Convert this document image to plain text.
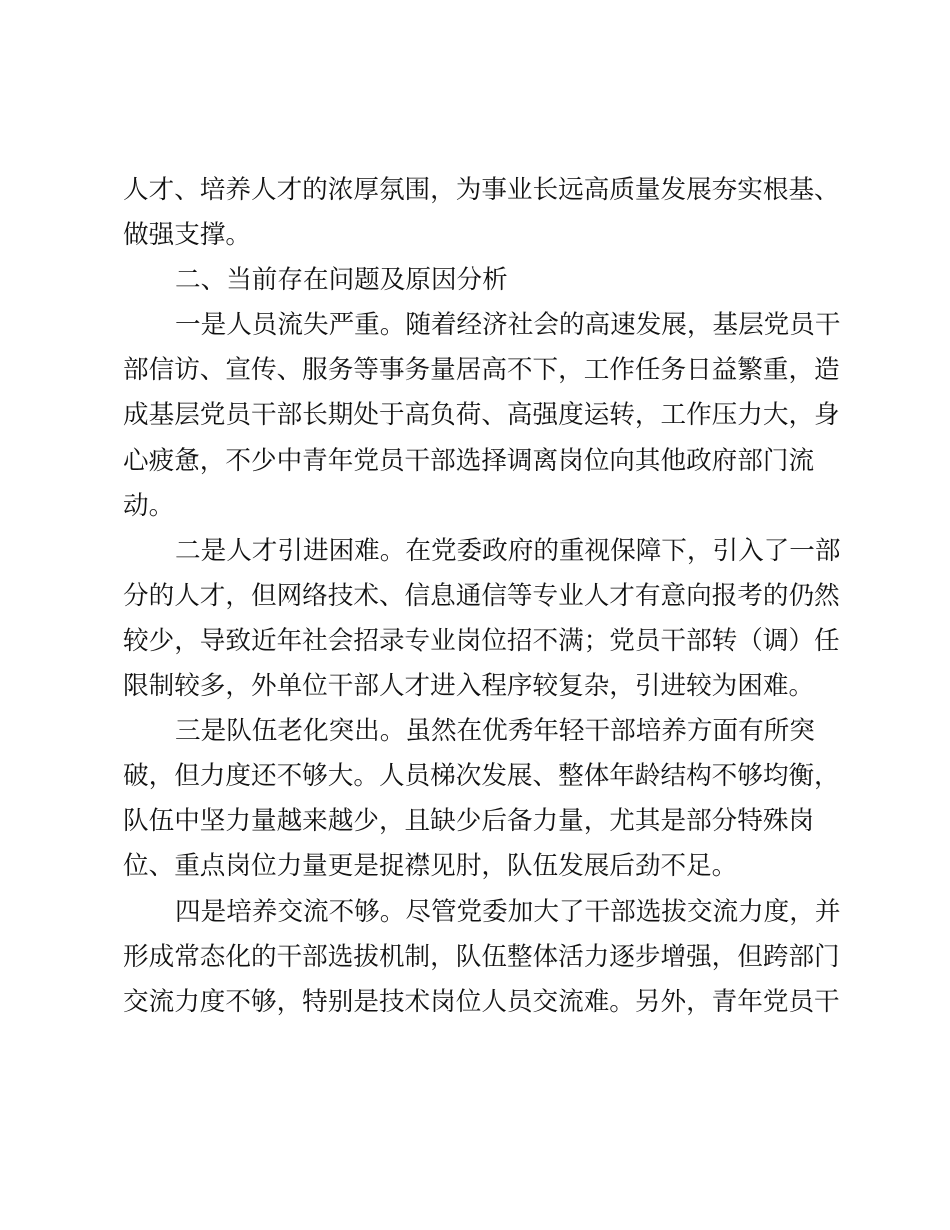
人才、培养人才的浓厚氛围，为事业长远高质量发展夯实根基、
做强支撑。
二、当前存在问题及原因分析
一是人员流失严重。随着经济社会的高速发展，基层党员干
部信访、宣传、服务等事务量居高不下，工作任务日益繁重，造
成基层党员干部长期处于高负荷、高强度运转，工作压力大，身
心疲惫，不少中青年党员干部选择调离岗位向其他政府部门流
动。
二是人才引进困难。在党委政府的重视保障下，引入了一部
分的人才，但网络技术、信息通信等专业人才有意向报考的仍然
较少，导致近年社会招录专业岗位招不满；党员干部转（调）任
限制较多，外单位干部人才进入程序较复杂，引进较为困难。
三是队伍老化突出。虽然在优秀年轻干部培养方面有所突
破，但力度还不够大。人员梯次发展、整体年龄结构不够均衡，
队伍中坚力量越来越少，且缺少后备力量，尤其是部分特殊岗
位、重点岗位力量更是捉襟见肘，队伍发展后劲不足。
四是培养交流不够。尽管党委加大了干部选拔交流力度，并
形成常态化的干部选拔机制，队伍整体活力逐步增强，但跨部门
交流力度不够，特别是技术岗位人员交流难。另外，青年党员干
